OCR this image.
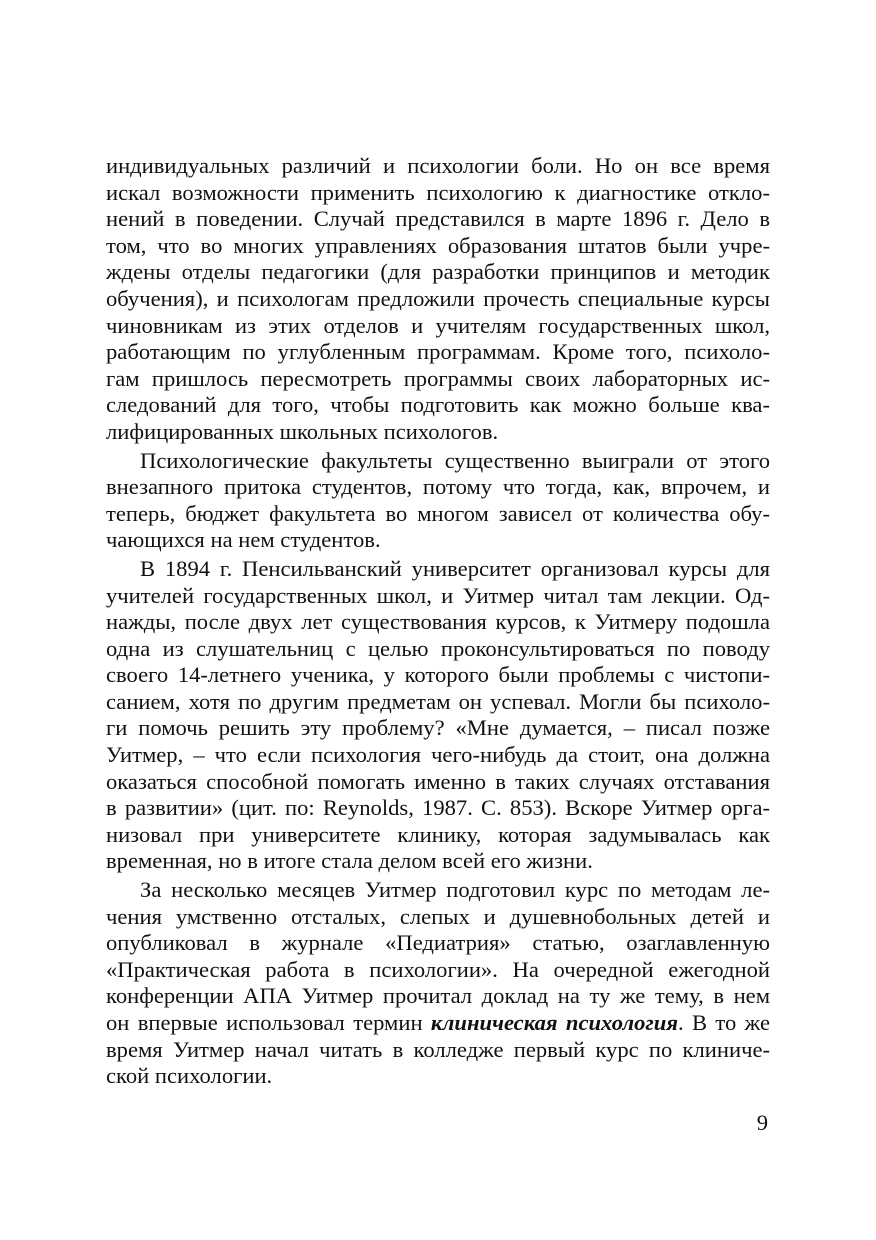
индивидуальных различий и психологии боли. Но он все время
искал возможности применить психологию к диагностике откло-
нений в поведении. Случай представился в марте 1896 г. Дело в
том, что во многих управлениях образования штатов были учре-
ждены отделы педагогики (для разработки принципов и методик
обучения), и психологам предложили прочесть специальные курсы
чиновникам из этих отделов и учителям государственных школ,
работающим по углубленным программам. Кроме того, психоло-
гам пришлось пересмотреть программы своих лабораторных ис-
следований для того, чтобы подготовить как можно больше ква-
лифицированных школьных психологов.
Психологические факультеты существенно выиграли от этого
внезапного притока студентов, потому что тогда, как, впрочем, и
теперь, бюджет факультета во многом зависел от количества обу-
чающихся на нем студентов.
В 1894 г. Пенсильванский университет организовал курсы для
учителей государственных школ, и Уитмер читал там лекции. Од-
нажды, после двух лет существования курсов, к Уитмеру подошла
одна из слушательниц с целью проконсультироваться по поводу
своего 14-летнего ученика, у которого были проблемы с чистопи-
санием, хотя по другим предметам он успевал. Могли бы психоло-
ги помочь решить эту проблему? «Мне думается, – писал позже
Уитмер, – что если психология чего-нибудь да стоит, она должна
оказаться способной помогать именно в таких случаях отставания
в развитии» (цит. по: Reynolds, 1987. С. 853). Вскоре Уитмер орга-
низовал при университете клинику, которая задумывалась как
временная, но в итоге стала делом всей его жизни.
За несколько месяцев Уитмер подготовил курс по методам ле-
чения умственно отсталых, слепых и душевнобольных детей и
опубликовал в журнале «Педиатрия» статью, озаглавленную
«Практическая работа в психологии». На очередной ежегодной
конференции АПА Уитмер прочитал доклад на ту же тему, в нем
он впервые использовал термин клиническая психология. В то же
время Уитмер начал читать в колледже первый курс по клиниче-
ской психологии.
9
